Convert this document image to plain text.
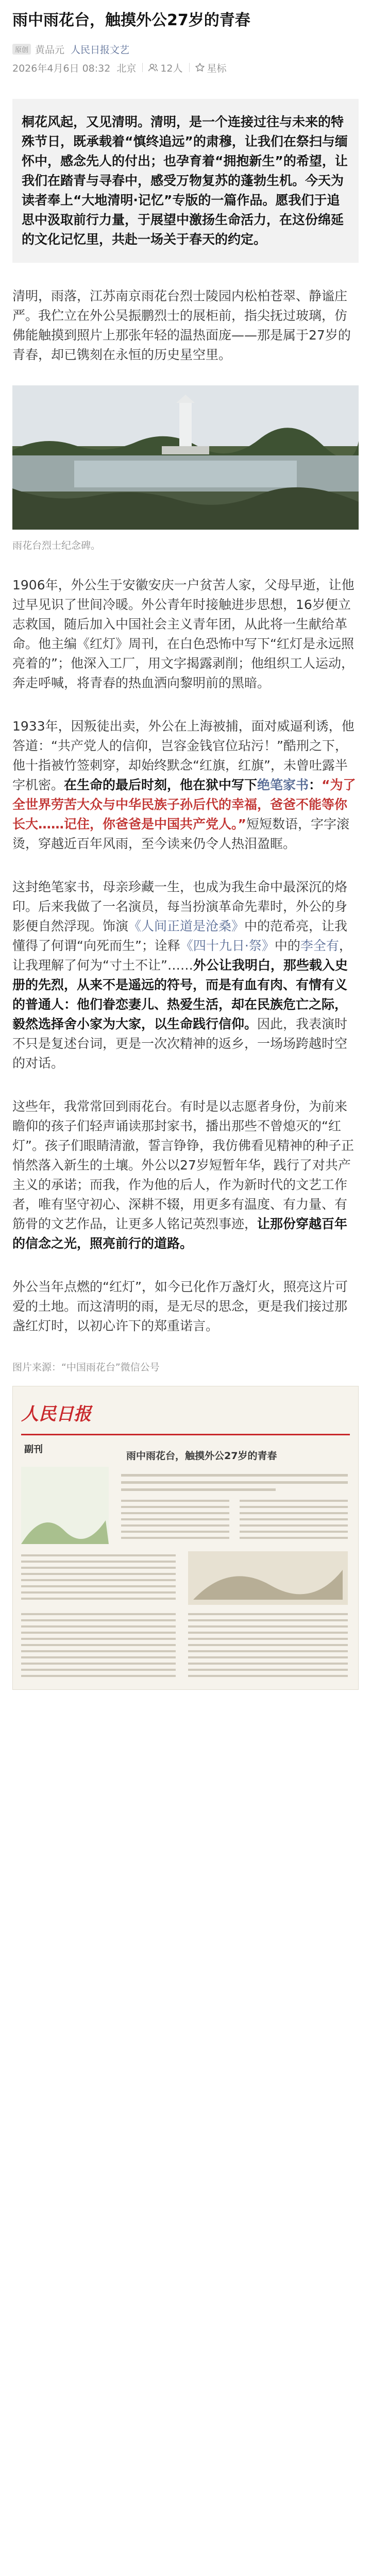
雨中雨花台，触摸外公27岁的青春
原创 黄品元 人民日报文艺
2026年4月6日 08:32 北京 12人 星标

桐花风起，又见清明。清明，是一个连接过往与未来的特殊节日，既承载着“慎终追远”的肃穆，让我们在祭扫与缅怀中，感念先人的付出；也孕育着“拥抱新生”的希望，让我们在踏青与寻春中，感受万物复苏的蓬勃生机。今天为读者奉上“大地清明·记忆”专版的一篇作品。愿我们于追思中汲取前行力量，于展望中激扬生命活力，在这份绵延的文化记忆里，共赴一场关于春天的约定。

清明，雨落，江苏南京雨花台烈士陵园内松柏苍翠、静谧庄严。我伫立在外公吴振鹏烈士的展柜前，指尖抚过玻璃，仿佛能触摸到照片上那张年轻的温热面庞——那是属于27岁的青春，却已镌刻在永恒的历史星空里。

雨花台烈士纪念碑。

1906年，外公生于安徽安庆一户贫苦人家，父母早逝，让他过早见识了世间冷暖。外公青年时接触进步思想，16岁便立志救国，随后加入中国社会主义青年团，从此将一生献给革命。他主编《红灯》周刊，在白色恐怖中写下“红灯是永远照亮着的”；他深入工厂，用文字揭露剥削；他组织工人运动，奔走呼喊，将青春的热血洒向黎明前的黑暗。

1933年，因叛徒出卖，外公在上海被捕，面对威逼利诱，他答道：“共产党人的信仰，岂容金钱官位玷污！”酷刑之下，他十指被竹签刺穿，却始终默念“红旗，红旗”，未曾吐露半字机密。在生命的最后时刻，他在狱中写下绝笔家书：“为了全世界劳苦大众与中华民族子孙后代的幸福，爸爸不能等你长大……记住，你爸爸是中国共产党人。”短短数语，字字滚烫，穿越近百年风雨，至今读来仍令人热泪盈眶。

这封绝笔家书，母亲珍藏一生，也成为我生命中最深沉的烙印。后来我做了一名演员，每当扮演革命先辈时，外公的身影便自然浮现。饰演《人间正道是沧桑》中的范希亮，让我懂得了何谓“向死而生”；诠释《四十九日·祭》中的李全有，让我理解了何为“寸土不让”……外公让我明白，那些载入史册的先烈，从来不是遥远的符号，而是有血有肉、有情有义的普通人：他们眷恋妻儿、热爱生活，却在民族危亡之际，毅然选择舍小家为大家，以生命践行信仰。因此，我表演时不只是复述台词，更是一次次精神的返乡，一场场跨越时空的对话。

这些年，我常常回到雨花台。有时是以志愿者身份，为前来瞻仰的孩子们轻声诵读那封家书，播出那些不曾熄灭的“红灯”。孩子们眼睛清澈，誓言铮铮，我仿佛看见精神的种子正悄然落入新生的土壤。外公以27岁短暂年华，践行了对共产主义的承诺；而我，作为他的后人，作为新时代的文艺工作者，唯有坚守初心、深耕不辍，用更多有温度、有力量、有筋骨的文艺作品，让更多人铭记英烈事迹，让那份穿越百年的信念之光，照亮前行的道路。

外公当年点燃的“红灯”，如今已化作万盏灯火，照亮这片可爱的土地。而这清明的雨，是无尽的思念，更是我们接过那盏红灯时，以初心许下的郑重诺言。

图片来源：“中国雨花台”微信公号
人民日报
副刊
雨中雨花台，触摸外公27岁的青春
